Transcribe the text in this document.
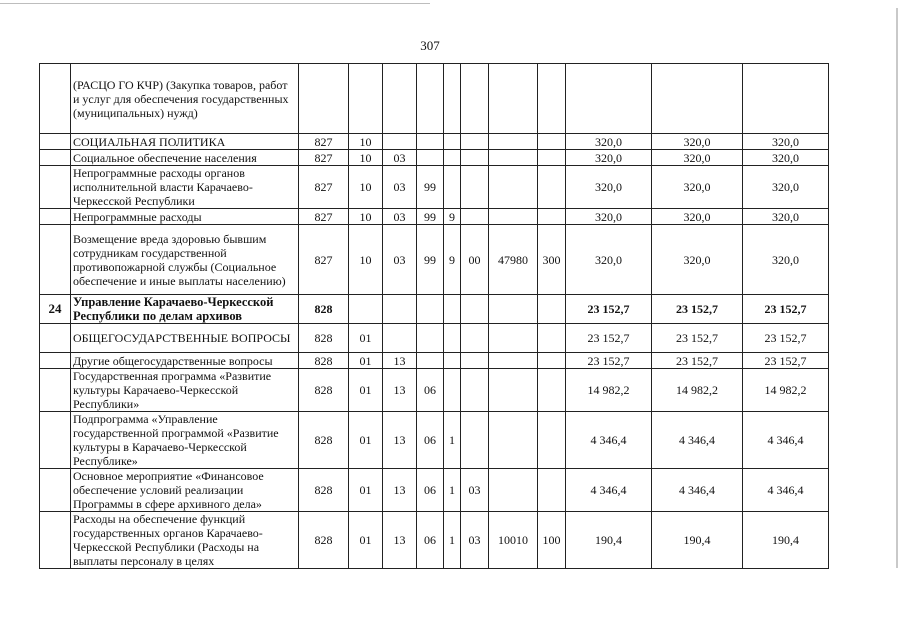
307
	(РАСЦО ГО КЧР) (Закупка товаров, работ и услуг для обеспечения государственных (муниципальных) нужд)											
	СОЦИАЛЬНАЯ ПОЛИТИКА	827	10							320,0	320,0	320,0
	Социальное обеспечение населения	827	10	03						320,0	320,0	320,0
	Непрограммные расходы органов исполнительной власти Карачаево-Черкесской Республики	827	10	03	99					320,0	320,0	320,0
	Непрограммные расходы	827	10	03	99	9				320,0	320,0	320,0
	Возмещение вреда здоровью бывшим сотрудникам государственной противопожарной службы (Социальное обеспечение и иные выплаты населению)	827	10	03	99	9	00	47980	300	320,0	320,0	320,0
24	Управление Карачаево-Черкесской Республики по делам архивов	828								23 152,7	23 152,7	23 152,7
	ОБЩЕГОСУДАРСТВЕННЫЕ ВОПРОСЫ	828	01							23 152,7	23 152,7	23 152,7
	Другие общегосударственные вопросы	828	01	13						23 152,7	23 152,7	23 152,7
	Государственная программа «Развитие культуры Карачаево-Черкесской Республики»	828	01	13	06					14 982,2	14 982,2	14 982,2
	Подпрограмма «Управление государственной программой «Развитие культуры в Карачаево-Черкесской Республике»	828	01	13	06	1				4 346,4	4 346,4	4 346,4
	Основное мероприятие «Финансовое обеспечение условий реализации Программы в сфере архивного дела»	828	01	13	06	1	03			4 346,4	4 346,4	4 346,4
	Расходы на обеспечение функций государственных органов Карачаево-Черкесской Республики (Расходы на выплаты персоналу в целях	828	01	13	06	1	03	10010	100	190,4	190,4	190,4
